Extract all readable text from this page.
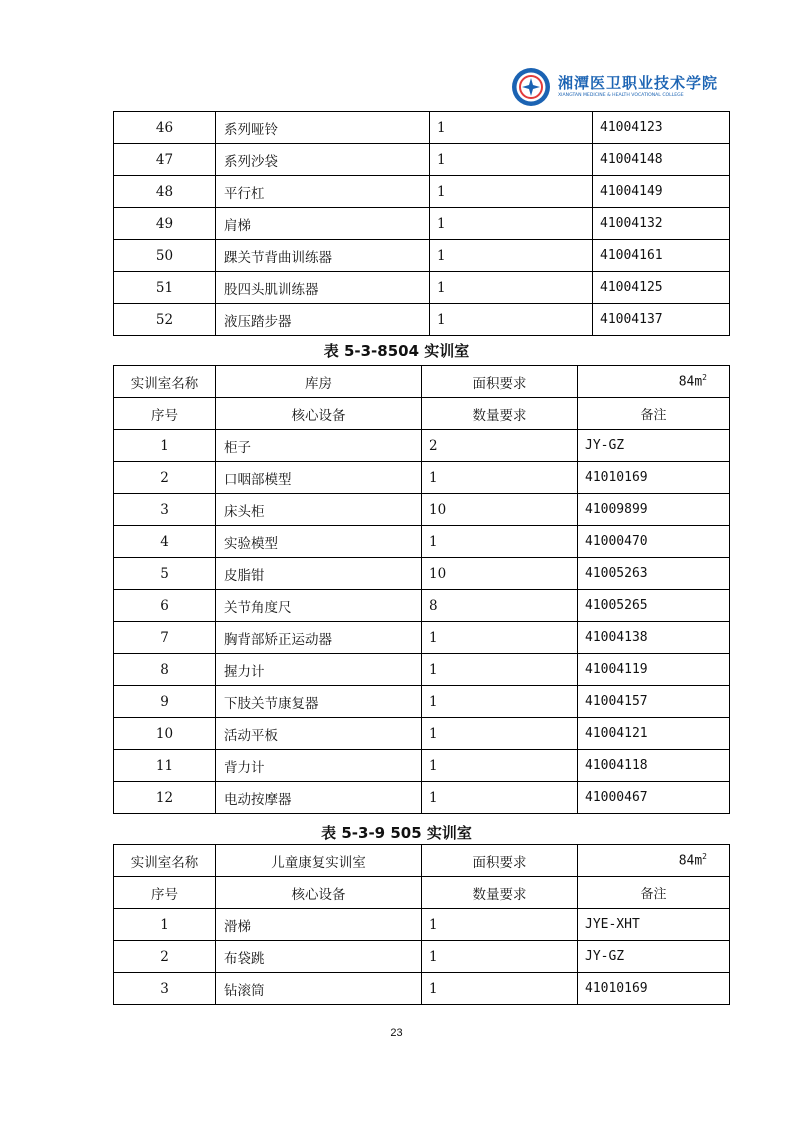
湘潭医卫职业技术学院
XIANGTAN MEDICINE & HEALTH VOCATIONAL COLLEGE
46	系列哑铃	1	41004123
47	系列沙袋	1	41004148
48	平行杠	1	41004149
49	肩梯	1	41004132
50	踝关节背曲训练器	1	41004161
51	股四头肌训练器	1	41004125
52	液压踏步器	1	41004137
表 5-3-8504 实训室
实训室名称	库房	面积要求	$84m^2$
序号	核心设备	数量要求	备注
1	柜子	2	JY-GZ
2	口咽部模型	1	41010169
3	床头柜	10	41009899
4	实验模型	1	41000470
5	皮脂钳	10	41005263
6	关节角度尺	8	41005265
7	胸背部矫正运动器	1	41004138
8	握力计	1	41004119
9	下肢关节康复器	1	41004157
10	活动平板	1	41004121
11	背力计	1	41004118
12	电动按摩器	1	41000467
表 5-3-9 505 实训室
实训室名称	儿童康复实训室	面积要求	$84m^2$
序号	核心设备	数量要求	备注
1	滑梯	1	JYE-XHT
2	布袋跳	1	JY-GZ
3	钻滚筒	1	41010169
23
